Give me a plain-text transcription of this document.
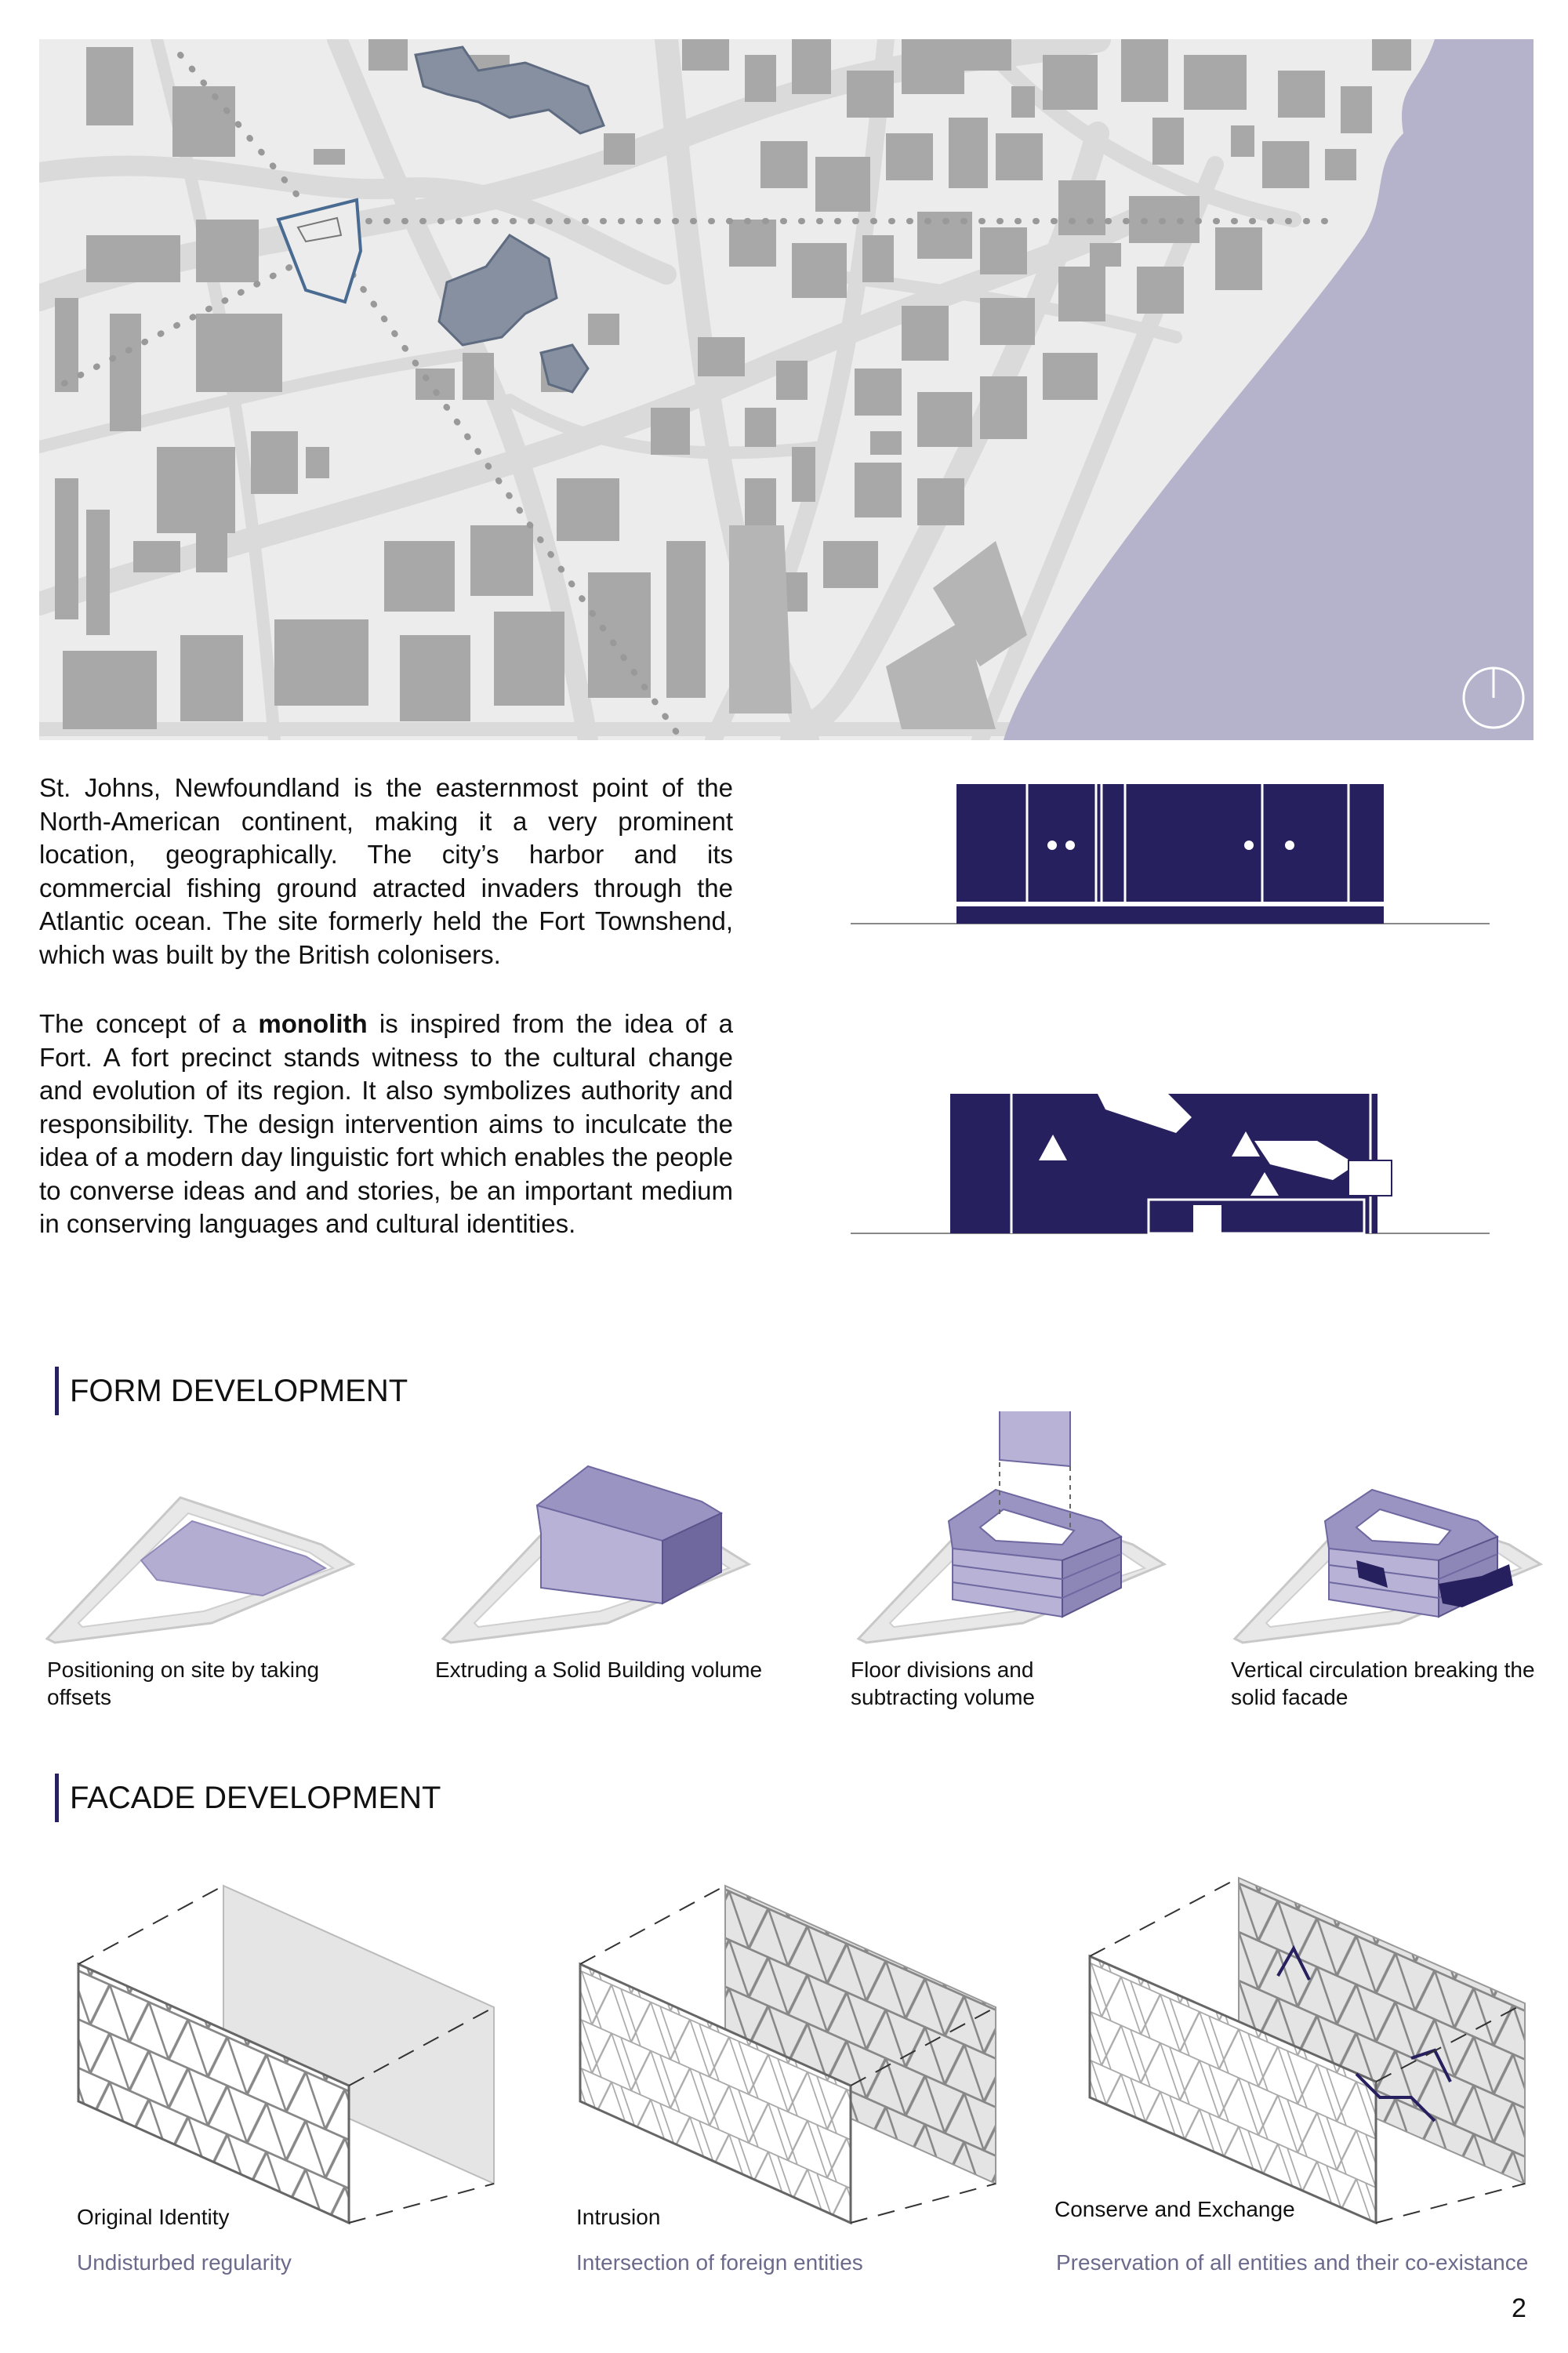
St. Johns, Newfoundland is the easternmost point of the North-American continent, making it a very prominent location, geographically. The city’s harbor and its commercial fishing ground atracted invaders through the Atlantic ocean. The site formerly held the Fort Townshend, which was built by the British colonisers.

The concept of a monolith is inspired from the idea of a Fort. A fort precinct stands witness to the cultural change and evolution of its region. It also symbolizes authority and responsibility. The design intervention aims to inculcate the idea of a modern day linguistic fort which enables the people to converse ideas and and stories, be an important medium in conserving languages and cultural identities.

FORM DEVELOPMENT
Positioning on site by taking offsets
Extruding a Solid Building volume	Floor divisions and subtracting volume
Vertical circulation breaking the solid facade
FACADE DEVELOPMENT
Original Identity
Undisturbed regularity
Intrusion
Intersection of foreign entities
Conserve and Exchange
Preservation of all entities and their co-existance
2
